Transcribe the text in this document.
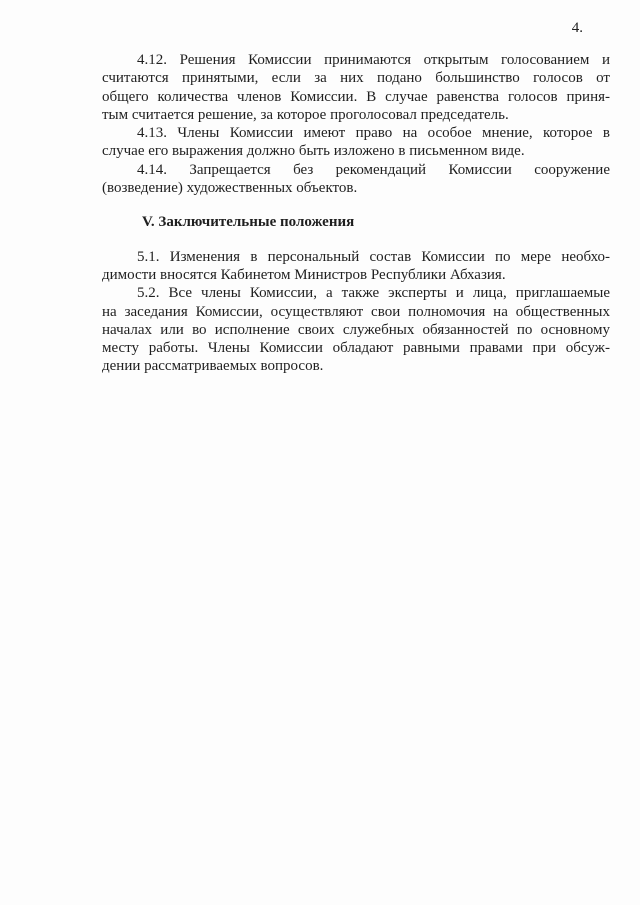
4.

4.12. Решения Комиссии принимаются открытым голосованием и
считаются принятыми, если за них подано большинство голосов от
общего количества членов Комиссии. В случае равенства голосов приня-
тым считается решение, за которое проголосовал председатель.

4.13. Члены Комиссии имеют право на особое мнение, которое в
случае его выражения должно быть изложено в письменном виде.

4.14. Запрещается без рекомендаций Комиссии сооружение
(возведение) художественных объектов.

V. Заключительные положения

5.1. Изменения в персональный состав Комиссии по мере необхо-
димости вносятся Кабинетом Министров Республики Абхазия.

5.2. Все члены Комиссии, а также эксперты и лица, приглашаемые
на заседания Комиссии, осуществляют свои полномочия на общественных
началах или во исполнение своих служебных обязанностей по основному
месту работы. Члены Комиссии обладают равными правами при обсуж-
дении рассматриваемых вопросов.
